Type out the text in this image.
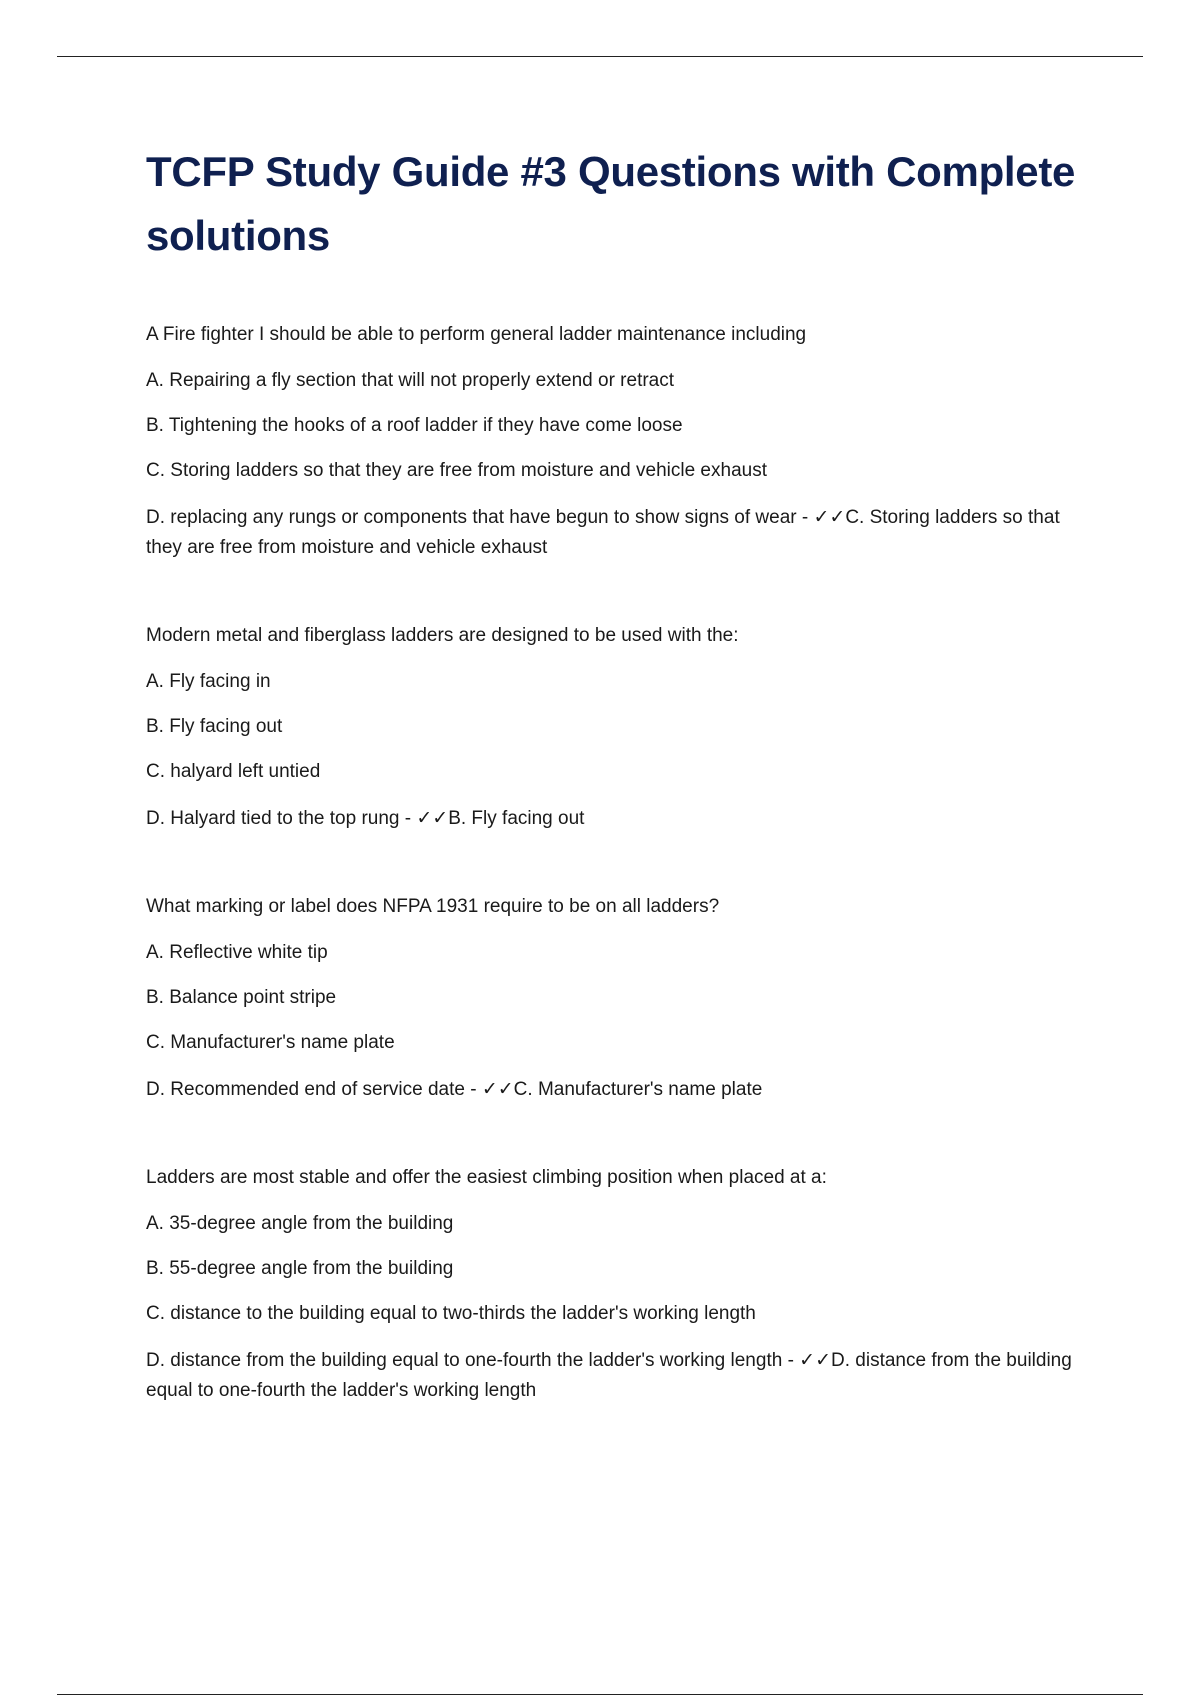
TCFP Study Guide #3 Questions with Complete solutions

A Fire fighter I should be able to perform general ladder maintenance including

A. Repairing a fly section that will not properly extend or retract

B. Tightening the hooks of a roof ladder if they have come loose

C. Storing ladders so that they are free from moisture and vehicle exhaust

D. replacing any rungs or components that have begun to show signs of wear - ✓✓C. Storing ladders so that they are free from moisture and vehicle exhaust

Modern metal and fiberglass ladders are designed to be used with the:

A. Fly facing in

B. Fly facing out

C. halyard left untied

D. Halyard tied to the top rung - ✓✓B. Fly facing out

What marking or label does NFPA 1931 require to be on all ladders?

A. Reflective white tip

B. Balance point stripe

C. Manufacturer's name plate

D. Recommended end of service date - ✓✓C. Manufacturer's name plate

Ladders are most stable and offer the easiest climbing position when placed at a:

A. 35-degree angle from the building

B. 55-degree angle from the building

C. distance to the building equal to two-thirds the ladder's working length

D. distance from the building equal to one-fourth the ladder's working length - ✓✓D. distance from the building equal to one-fourth the ladder's working length
